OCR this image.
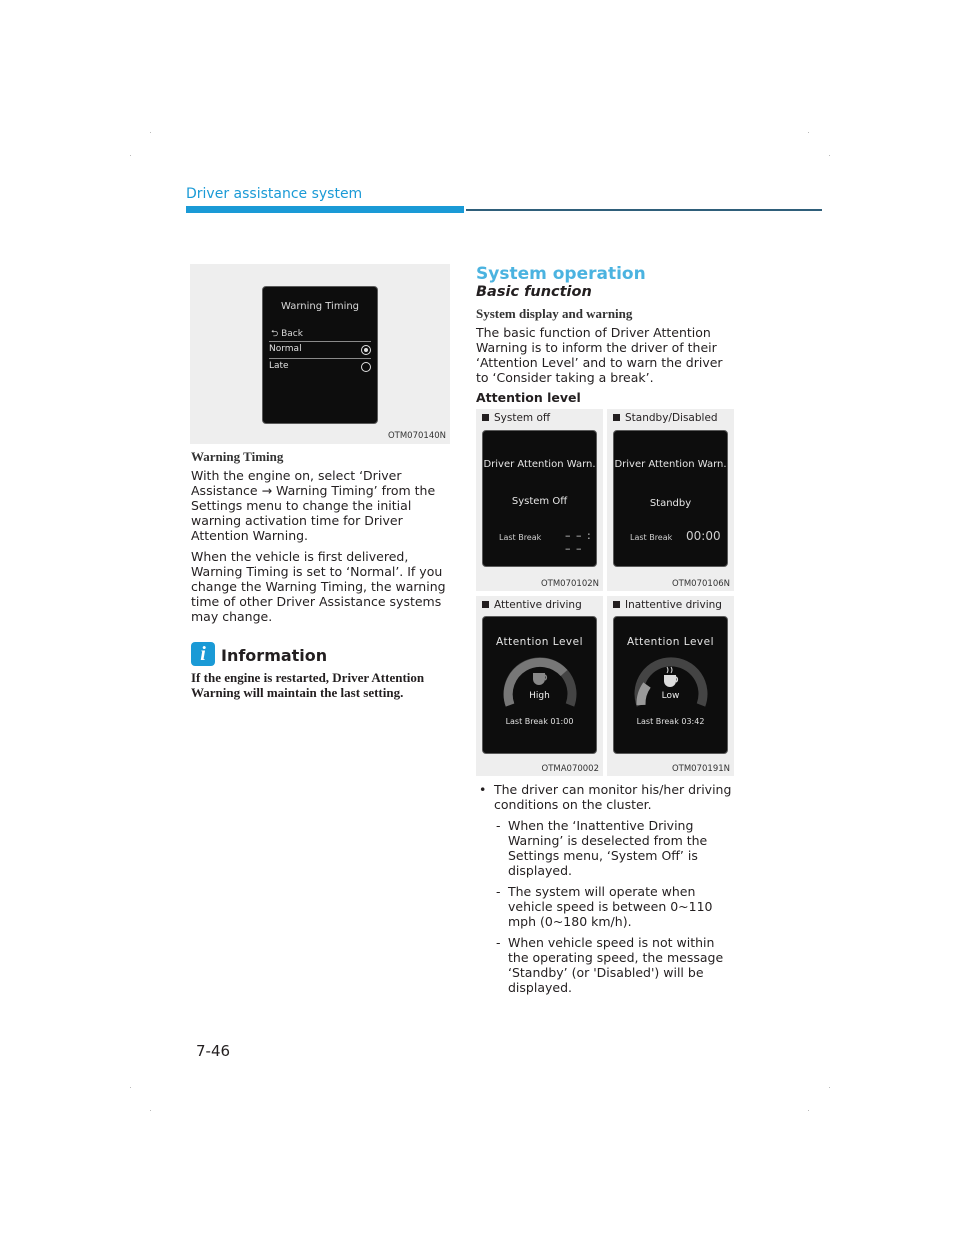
Driver assistance system
Warning Timing
⮌ Back
Normal
Late
OTM070140N
Warning Timing

With the engine on, select ‘Driver Assistance → Warning Timing’ from the Settings menu to change the initial warning activation time for Driver Attention Warning.

When the vehicle is first delivered, Warning Timing is set to ‘Normal’. If you change the Warning Timing, the warning time of other Driver Assistance systems may change.

i Information
If the engine is restarted, Driver Attention Warning will maintain the last setting.
System operation
Basic function
System display and warning
The basic function of Driver Attention Warning is to inform the driver of their ‘Attention Level’ and to warn the driver to ‘Consider taking a break’.
Attention level
System off
Driver Attention Warn.
System Off
Last Break – – : – –
OTM070102N
Standby/Disabled
Driver Attention Warn.
Standby
Last Break 00:00
OTM070106N
Attentive driving
Attention Level
High
Last Break 01:00
OTMA070002
Inattentive driving
Attention Level
Low
Last Break 03:42
OTM070191N
• The driver can monitor his/her driving conditions on the cluster.
- When the ‘Inattentive Driving Warning’ is deselected from the Settings menu, ‘System Off’ is displayed.
- The system will operate when vehicle speed is between 0~110 mph (0~180 km/h).
- When vehicle speed is not within the operating speed, the message ‘Standby’ (or 'Disabled') will be displayed.
7-46
